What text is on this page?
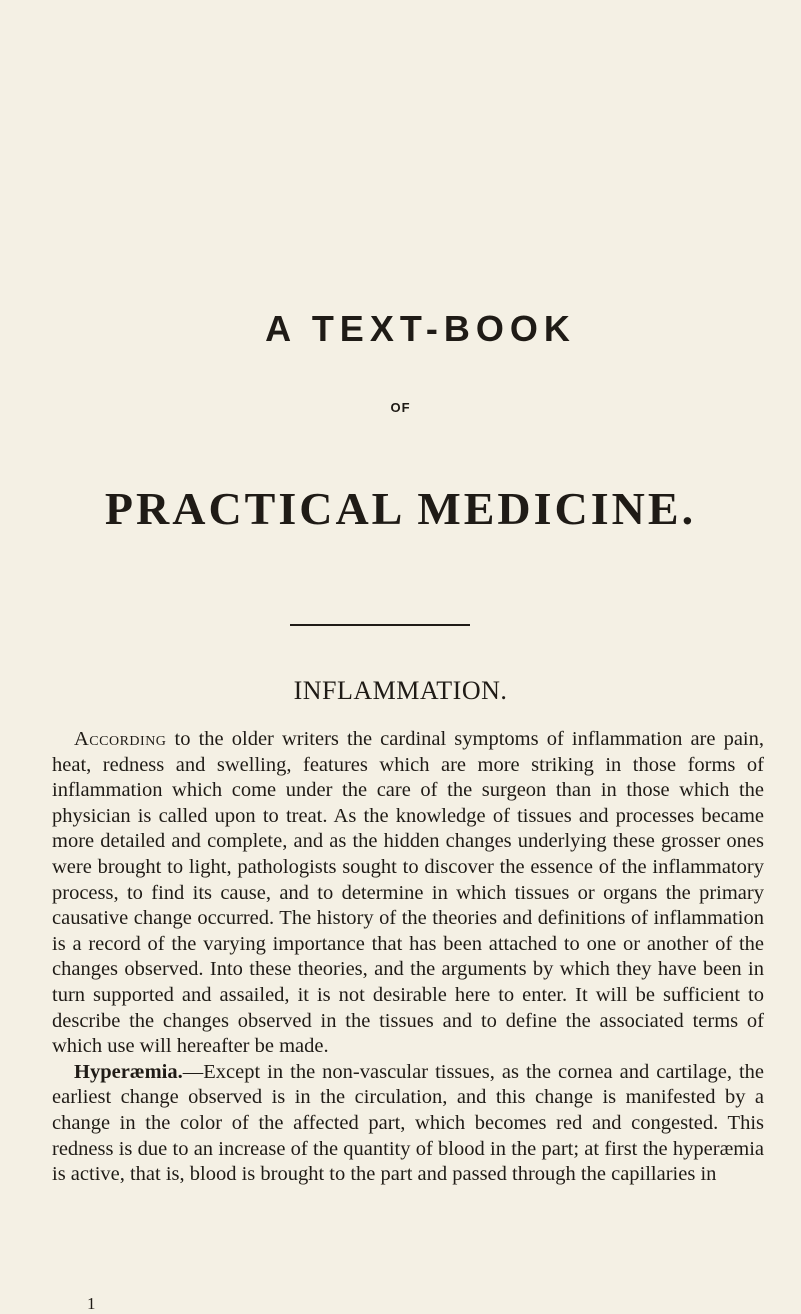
A TEXT-BOOK
OF
PRACTICAL MEDICINE.
INFLAMMATION.

According to the older writers the cardinal symptoms of inflammation are pain, heat, redness and swelling, features which are more striking in those forms of inflammation which come under the care of the surgeon than in those which the physician is called upon to treat. As the knowledge of tissues and processes became more detailed and complete, and as the hidden changes underlying these grosser ones were brought to light, pathologists sought to discover the essence of the inflammatory process, to find its cause, and to determine in which tissues or organs the primary causative change occurred. The history of the theories and definitions of inflammation is a record of the varying importance that has been attached to one or another of the changes observed. Into these theories, and the arguments by which they have been in turn supported and assailed, it is not desirable here to enter. It will be sufficient to describe the changes observed in the tissues and to define the associated terms of which use will hereafter be made.

Hyperæmia.—Except in the non-vascular tissues, as the cornea and cartilage, the earliest change observed is in the circulation, and this change is manifested by a change in the color of the affected part, which becomes red and congested. This redness is due to an increase of the quantity of blood in the part; at first the hyperæmia is active, that is, blood is brought to the part and passed through the capillaries in

1
